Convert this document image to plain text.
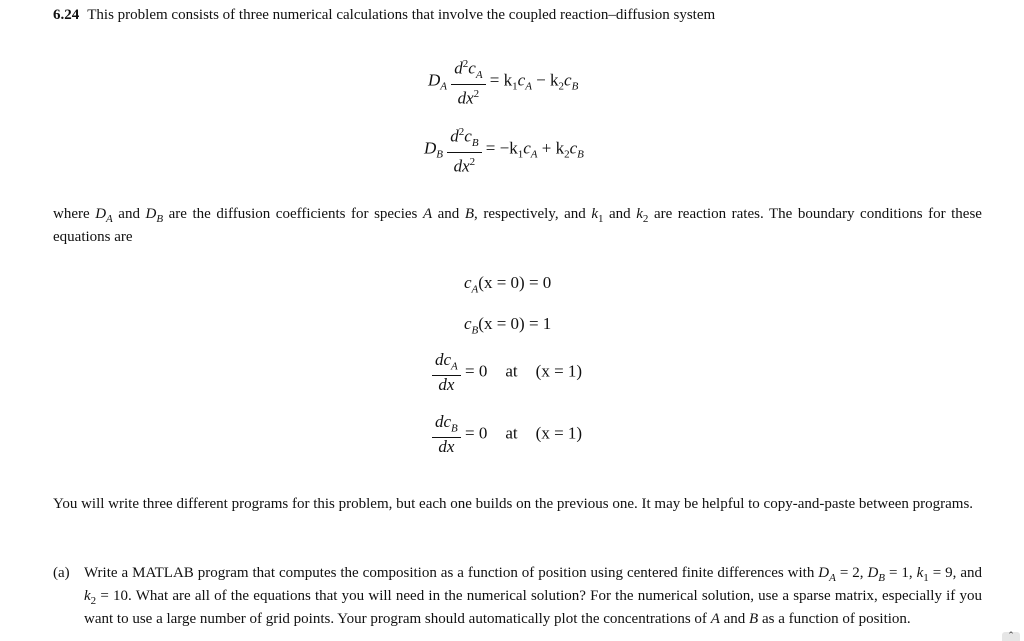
6.24 This problem consists of three numerical calculations that involve the coupled reaction–diffusion system
$D_A \frac{d^2c_A}{dx^2} = k_1c_A - k_2c_B$
$D_B \frac{d^2c_B}{dx^2} = -k_1c_A + k_2c_B$
where $D_A$ and $D_B$ are the diffusion coefficients for species A and B, respectively, and $k_1$ and $k_2$ are reaction rates. The boundary conditions for these equations are
$c_A(x = 0) = 0$
$c_B(x = 0) = 1$
$\frac{dc_A}{dx} = 0$ at (x = 1)
$\frac{dc_B}{dx} = 0$ at (x = 1)
You will write three different programs for this problem, but each one builds on the previous one. It may be helpful to copy-and-paste between programs.
(a) Write a MATLAB program that computes the composition as a function of position using centered finite differences with $D_A = 2$, $D_B = 1$, $k_1 = 9$, and $k_2 = 10$. What are all of the equations that you will need in the numerical solution? For the numerical solution, use a sparse matrix, especially if you want to use a large number of grid points. Your program should automatically plot the concentrations of A and B as a function of position.
⌃
